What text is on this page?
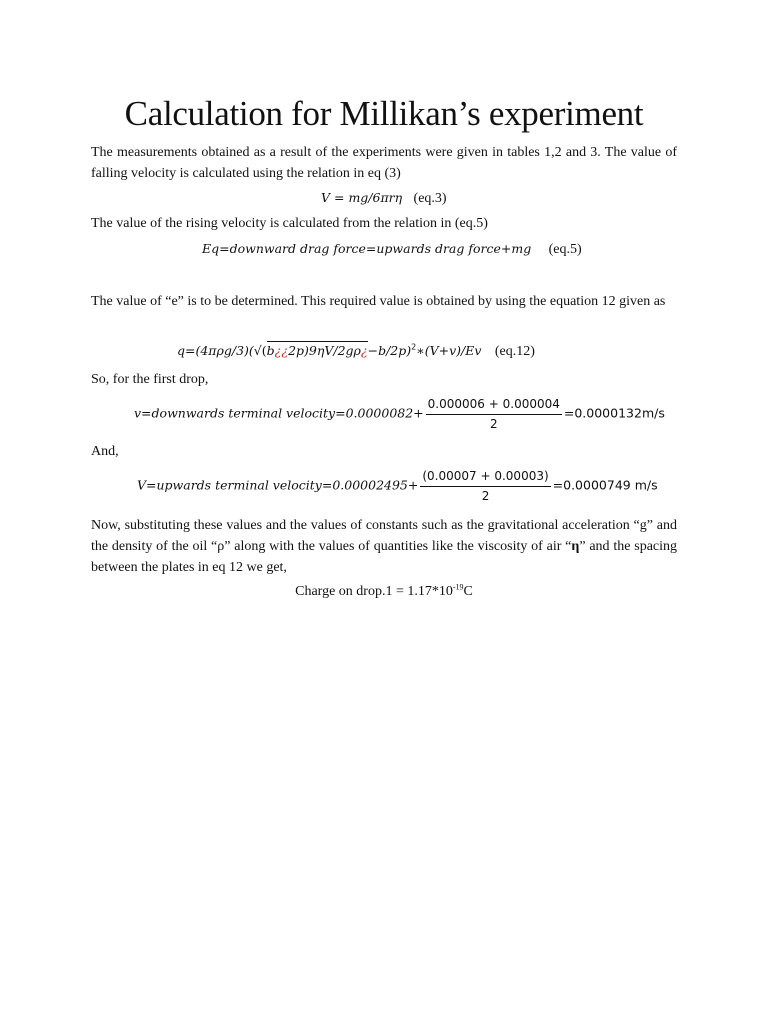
Calculation for Millikan’s experiment
The measurements obtained as a result of the experiments were given in tables 1,2 and 3. The value of falling velocity is calculated using the relation in eq (3)
V = mg/6πrη (eq.3)
The value of the rising velocity is calculated from the relation in (eq.5)
Eq=downward drag force=upwards drag force+mg (eq.5)
The value of “e” is to be determined. This required value is obtained by using the equation 12 given as
q=(4πρg/3)(√(b¿¿2p)9ηV/2gρ¿−b/2p)$^2$∗(V+v)/Ev (eq.12)
So, for the first drop,
v=downwards terminal velocity=0.0000082+ $\frac{0.000006 + 0.000004}{2} =0.0000132m/s$
And,
V=upwards terminal velocity=0.00002495+ $\frac{(0.00007 + 0.00003)}{2} =0.0000749$ m/s
Now, substituting these values and the values of constants such as the gravitational acceleration “g” and the density of the oil “ρ” along with the values of quantities like the viscosity of air “η” and the spacing between the plates in eq 12 we get,
Charge on drop.1 = $1.17*10^{-19}C$
